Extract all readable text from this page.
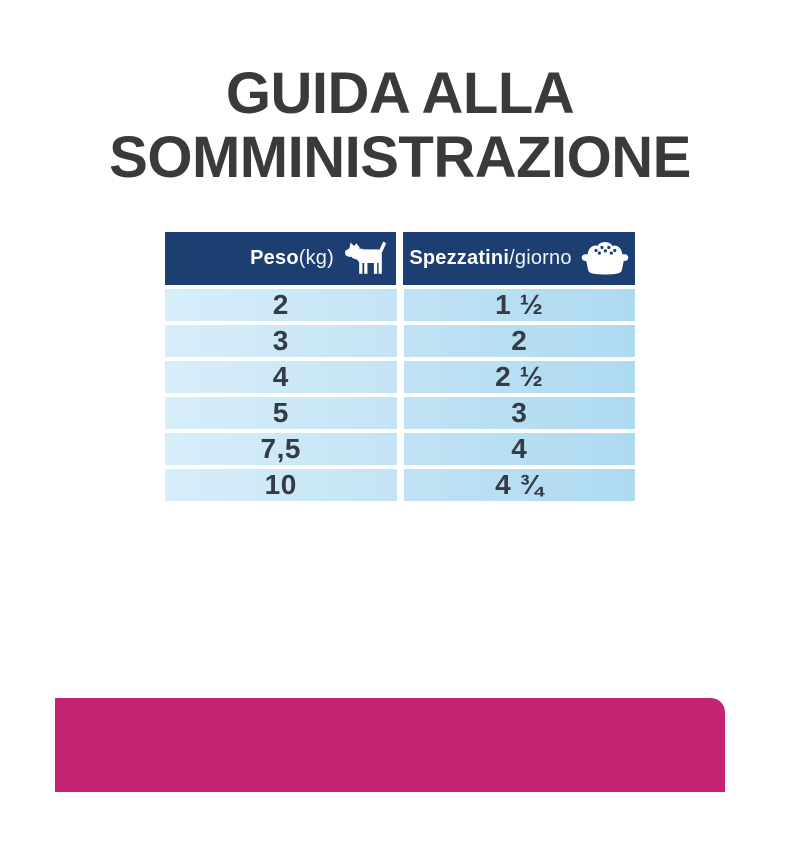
GUIDA ALLA
SOMMINISTRAZIONE
Peso (kg)	Spezzatini /giorno
2	1 ½
3	2
4	2 ½
5	3
7,5	4
10	4 ¾
